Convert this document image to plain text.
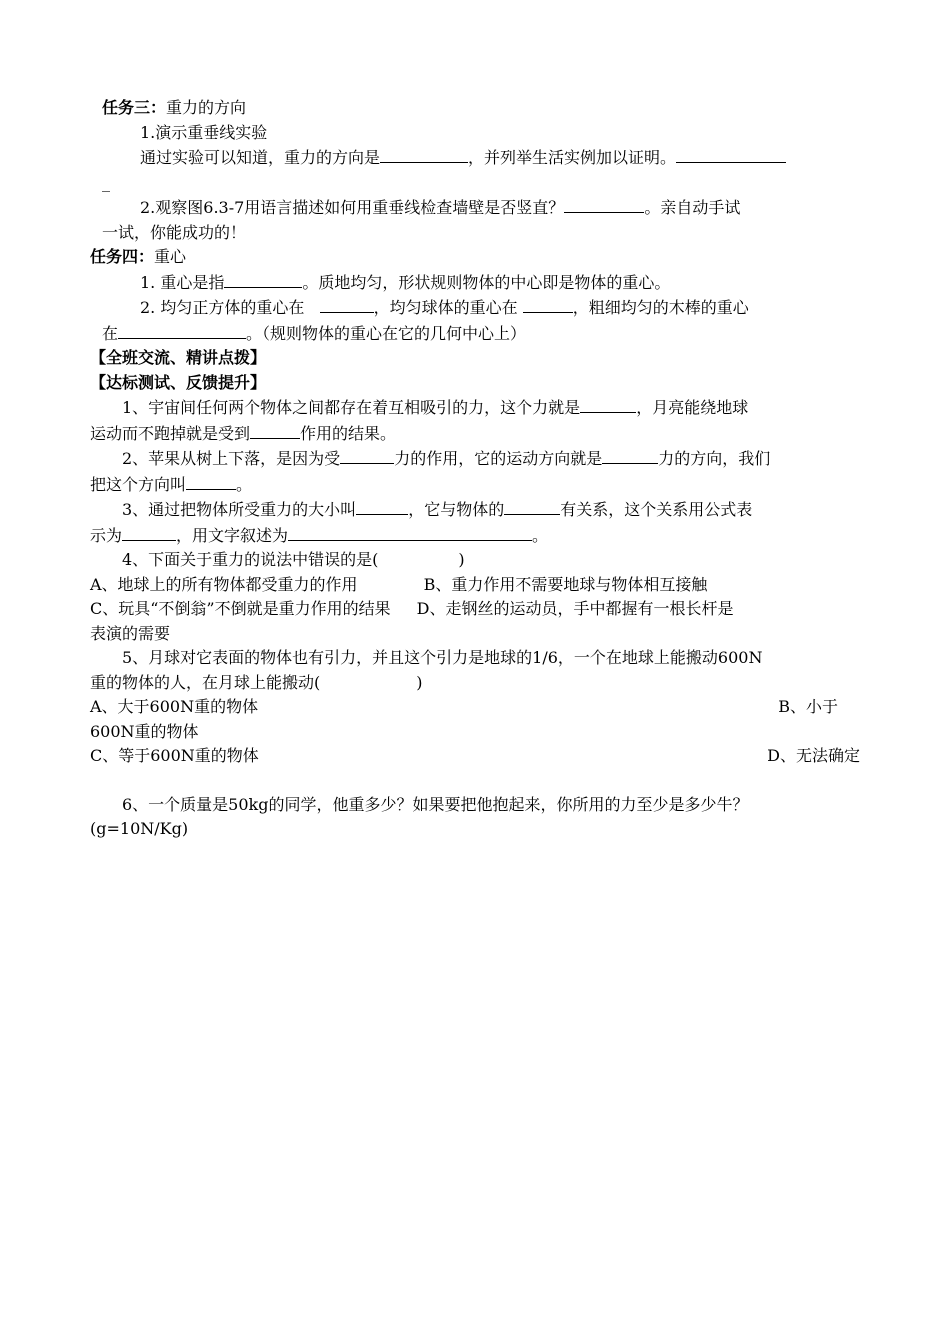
任务三：重力的方向
1.演示重垂线实验
通过实验可以知道，重力的方向是	，并列举生活实例加以证明。
_
2.观察图6.3-7用语言描述如何用重垂线检查墙壁是否竖直？	。亲自动手试
一试，你能成功的！
任务四：重心
1. 重心是指	。质地均匀，形状规则物体的中心即是物体的重心。
2. 均匀正方体的重心在	，均匀球体的重心在	，粗细均匀的木棒的重心
在	。（规则物体的重心在它的几何中心上）
【全班交流、精讲点拨】
【达标测试、反馈提升】
1、宇宙间任何两个物体之间都存在着互相吸引的力，这个力就是	，月亮能绕地球
运动而不跑掉就是受到	作用的结果。
2、苹果从树上下落，是因为受	力的作用，它的运动方向就是	力的方向，我们
把这个方向叫	。
3、通过把物体所受重力的大小叫	，它与物体的	有关系，这个关系用公式表
示为	，用文字叙述为	。
4、下面关于重力的说法中错误的是(　　　　　)
A、地球上的所有物体都受重力的作用	B、重力作用不需要地球与物体相互接触
C、玩具“不倒翁”不倒就是重力作用的结果 D、走钢丝的运动员，手中都握有一根长杆是
表演的需要
5、月球对它表面的物体也有引力，并且这个引力是地球的1/6，一个在地球上能搬动600N
重的物体的人，在月球上能搬动(　　　　　　)
A、大于600N重的物体	B、小于
600N重的物体
C、等于600N重的物体	D、无法确定
6、一个质量是50kg的同学，他重多少？如果要把他抱起来，你所用的力至少是多少牛？
(g=10N/Kg)
